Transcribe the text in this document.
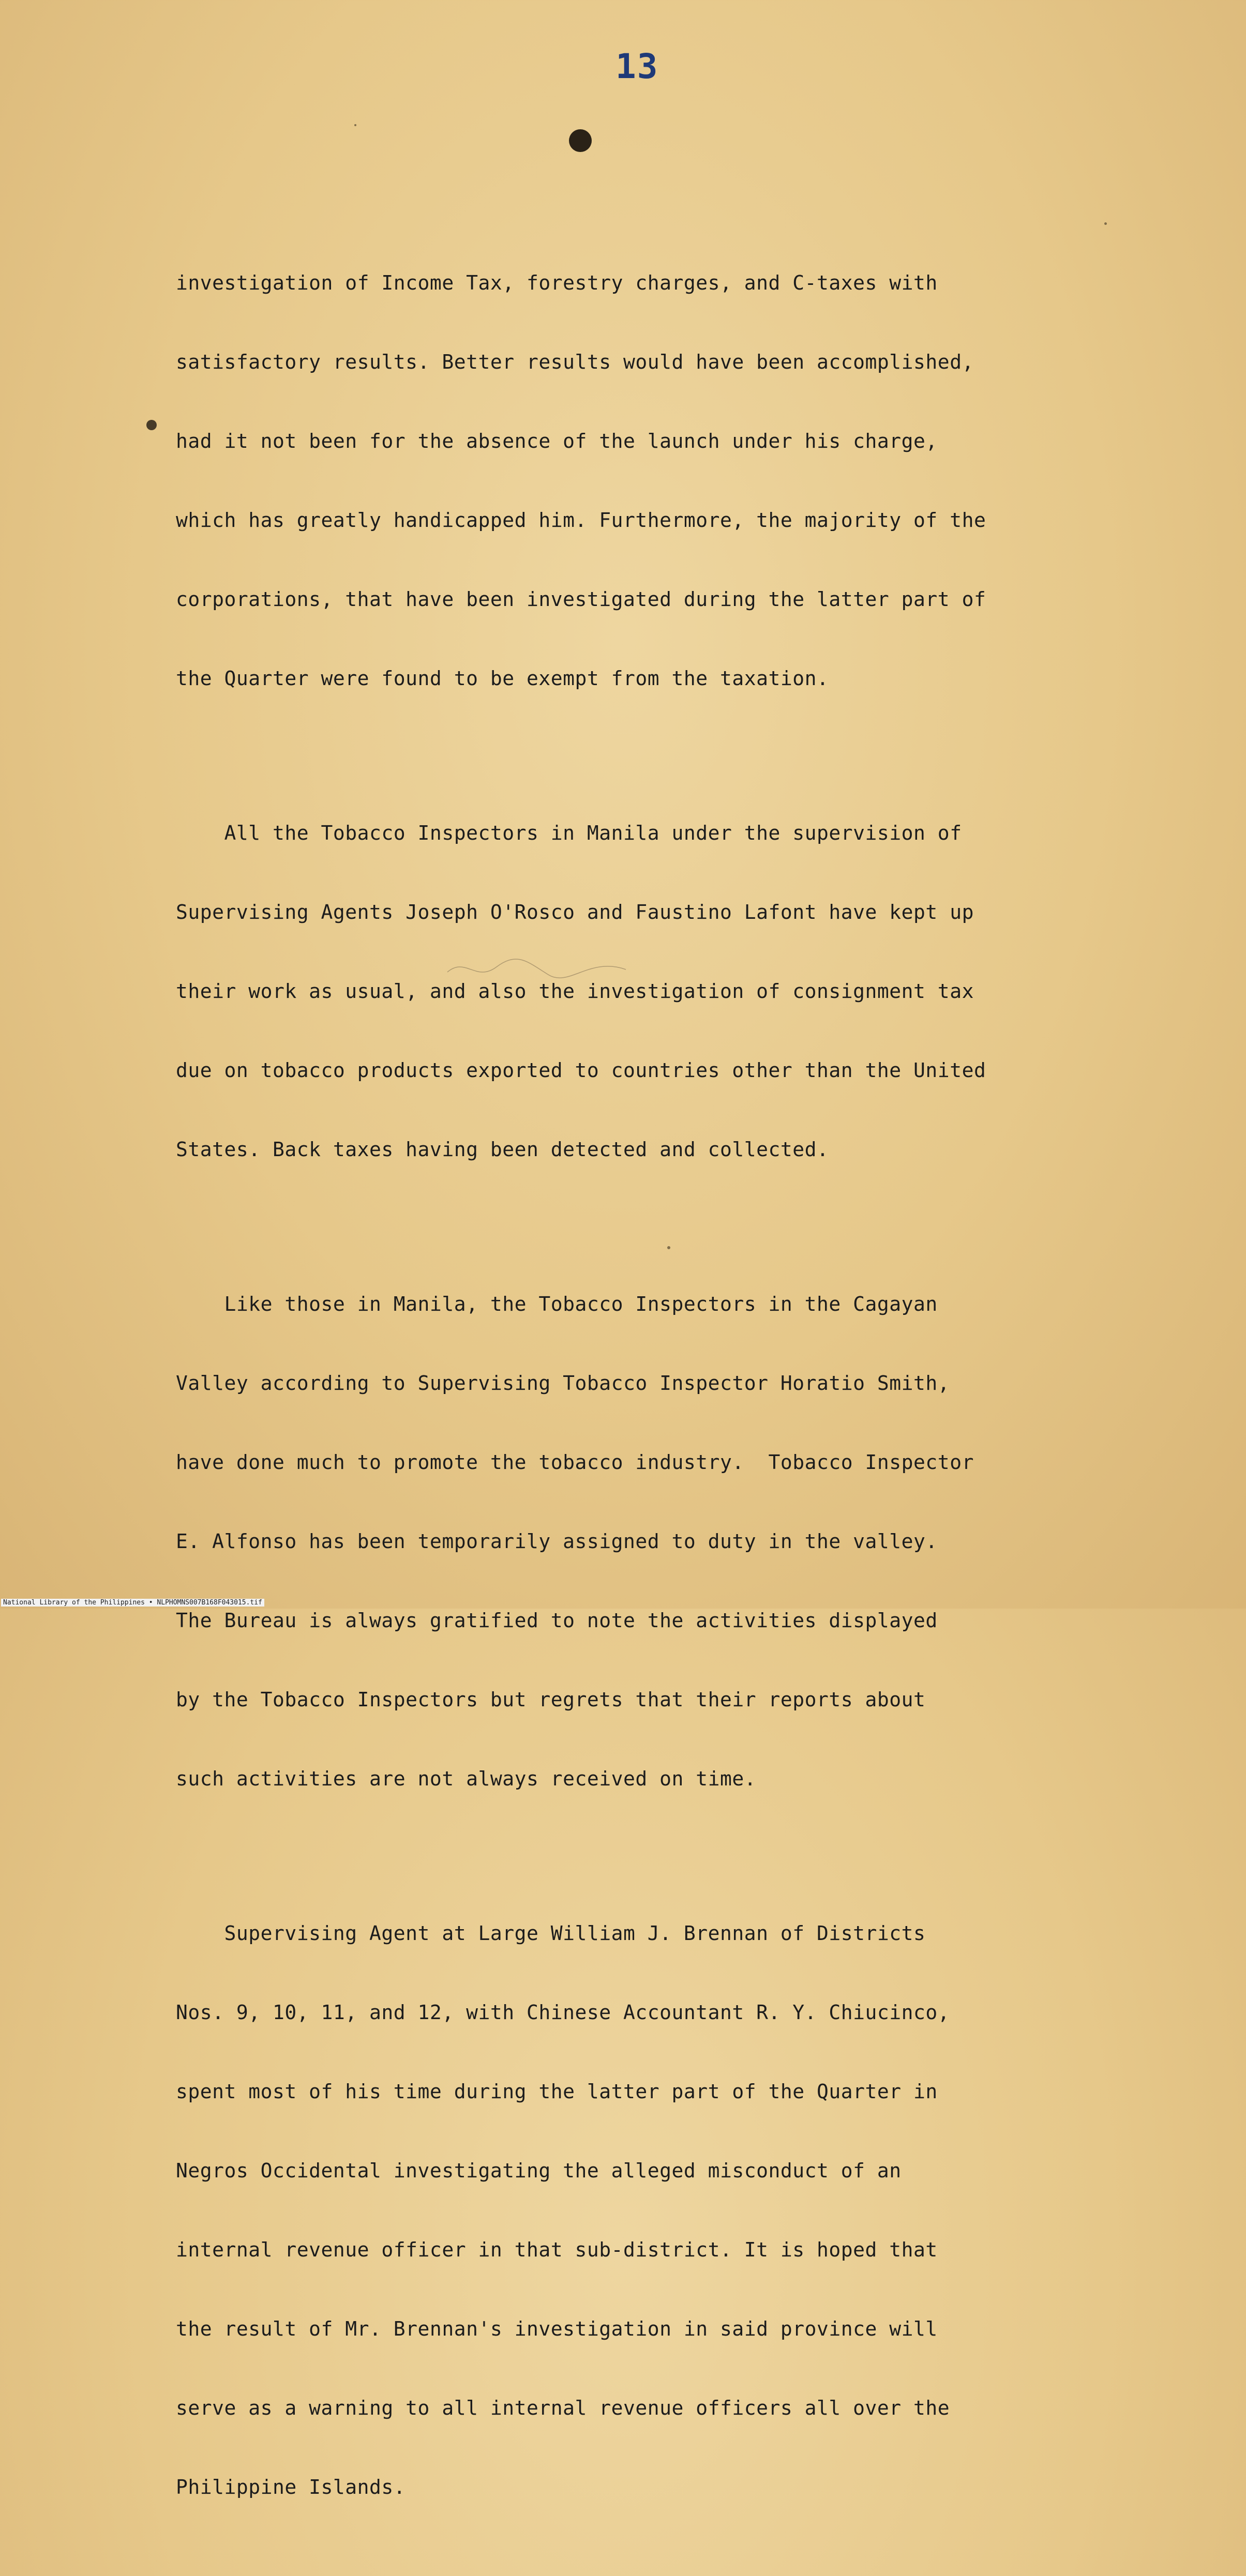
13

investigation of Income Tax, forestry charges, and C-taxes with

satisfactory results. Better results would have been accomplished,

had it not been for the absence of the launch under his charge,

which has greatly handicapped him. Furthermore, the majority of the

corporations, that have been investigated during the latter part of

the Quarter were found to be exempt from the taxation.

All the Tobacco Inspectors in Manila under the supervision of

Supervising Agents Joseph O'Rosco and Faustino Lafont have kept up

their work as usual, and also the investigation of consignment tax

due on tobacco products exported to countries other than the United

States. Back taxes having been detected and collected.

Like those in Manila, the Tobacco Inspectors in the Cagayan

Valley according to Supervising Tobacco Inspector Horatio Smith,

have done much to promote the tobacco industry.  Tobacco Inspector

E. Alfonso has been temporarily assigned to duty in the valley.

The Bureau is always gratified to note the activities displayed

by the Tobacco Inspectors but regrets that their reports about

such activities are not always received on time.

Supervising Agent at Large William J. Brennan of Districts

Nos. 9, 10, 11, and 12, with Chinese Accountant R. Y. Chiucinco,

spent most of his time during the latter part of the Quarter in

Negros Occidental investigating the alleged misconduct of an

internal revenue officer in that sub-district. It is hoped that

the result of Mr. Brennan's investigation in said province will

serve as a warning to all internal revenue officers all over the

Philippine Islands.

National Library of the Philippines • NLPHOMNS007B168F043015.tif
